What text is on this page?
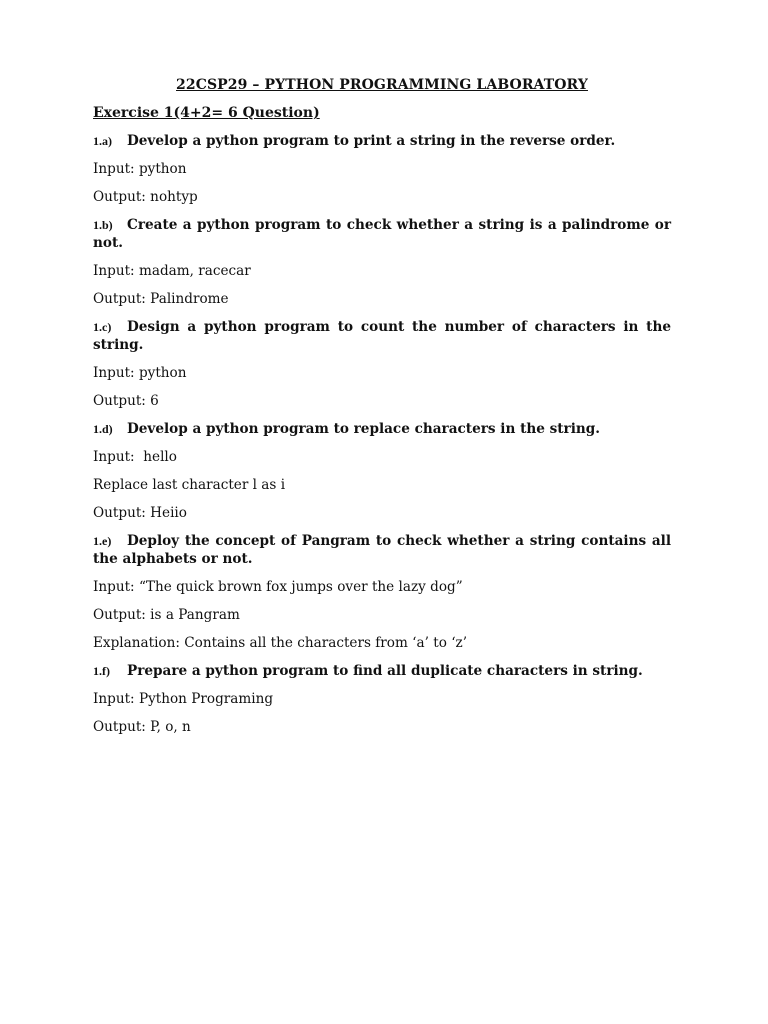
22CSP29 – PYTHON PROGRAMMING LABORATORY
Exercise 1(4+2= 6 Question)
1.a) Develop a python program to print a string in the reverse order.
Input: python
Output: nohtyp
1.b) Create a python program to check whether a string is a palindrome or not.
Input: madam, racecar
Output: Palindrome
1.c) Design a python program to count the number of characters in the string.
Input: python
Output: 6
1.d) Develop a python program to replace characters in the string.
Input:  hello
Replace last character l as i
Output: Heiio
1.e) Deploy the concept of Pangram to check whether a string contains all the alphabets or not.
Input: “The quick brown fox jumps over the lazy dog”
Output: is a Pangram
Explanation: Contains all the characters from ‘a’ to ‘z’
1.f) Prepare a python program to find all duplicate characters in string.
Input: Python Programing
Output: P, o, n
